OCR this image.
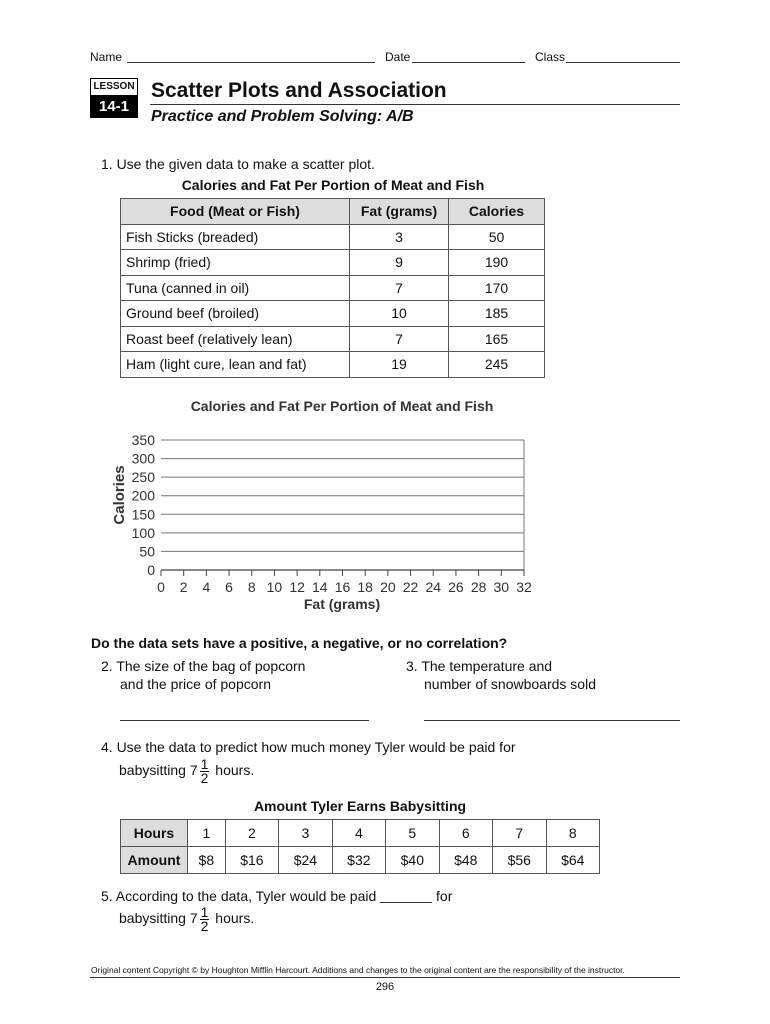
Name	Date	Class
LESSON
14-1
Scatter Plots and Association
Practice and Problem Solving: A/B
1. Use the given data to make a scatter plot.
Calories and Fat Per Portion of Meat and Fish
Food (Meat or Fish)	Fat (grams)	Calories
Fish Sticks (breaded)	3	50
Shrimp (fried)	9	190
Tuna (canned in oil)	7	170
Ground beef (broiled)	10	185
Roast beef (relatively lean)	7	165
Ham (light cure, lean and fat)	19	245
Calories and Fat Per Portion of Meat and Fish
350
300
250
200
150
100
50
0
0 2 4 6 8 10 12 14 16 18 20 22 24 26 28 30 32
Fat (grams)
Calories
Do the data sets have a positive, a negative, or no correlation?
2. The size of the bag of popcorn
and the price of popcorn
3. The temperature and
number of snowboards sold
4. Use the data to predict how much money Tyler would be paid for
babysitting $7 \frac{1}{2}$ hours.
Amount Tyler Earns Babysitting
Hours	1	2	3	4	5	6	7	8
Amount	$8	$16	$24	$32	$40	$48	$56	$64
5. According to the data, Tyler would be paid	for
babysitting $7 \frac{1}{2}$ hours.
Original content Copyright © by Houghton Mifflin Harcourt. Additions and changes to the original content are the responsibility of the instructor.
296
